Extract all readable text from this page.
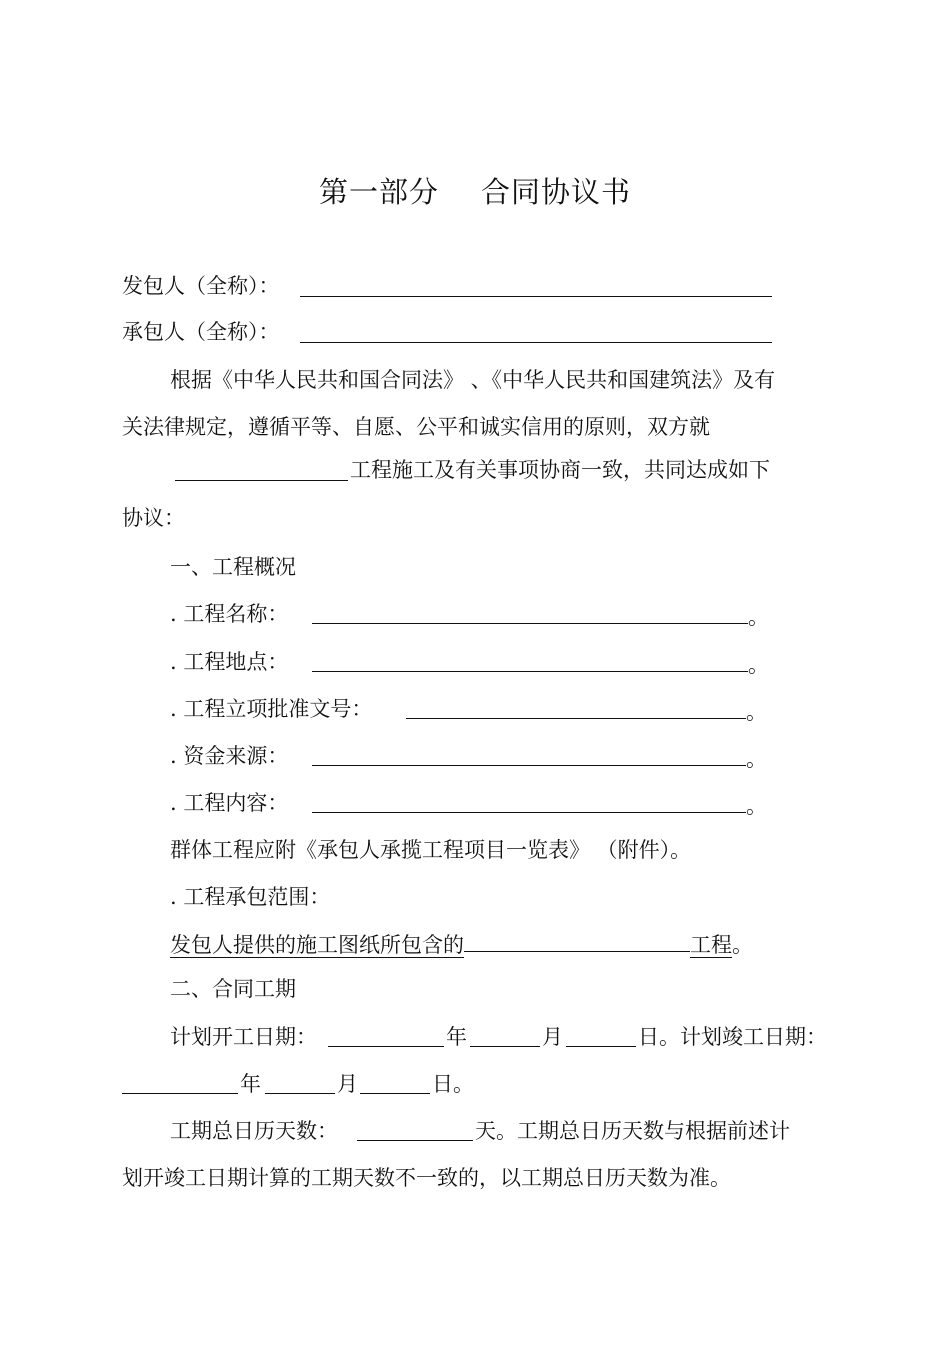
第一部分 合同协议书
发包人（全称）：
承包人（全称）：
根据《中华人民共和国合同法》 、《中华人民共和国建筑法》及有
关法律规定，遵循平等、自愿、公平和诚实信用的原则，双方就
工程施工及有关事项协商一致，共同达成如下
协议：
一、工程概况
. 工程名称：	。
. 工程地点：	。
. 工程立项批准文号：	。
. 资金来源：	。
. 工程内容：	。
群体工程应附《承包人承揽工程项目一览表》 （附件）。
. 工程承包范围：
发包人提供的施工图纸所包含的	工程。
二、合同工期
计划开工日期：	年	月	日。 计划竣工日期：
年	月	日。
工期总日历天数：	天。工期总日历天数与根据前述计
划开竣工日期计算的工期天数不一致的，以工期总日历天数为准。
